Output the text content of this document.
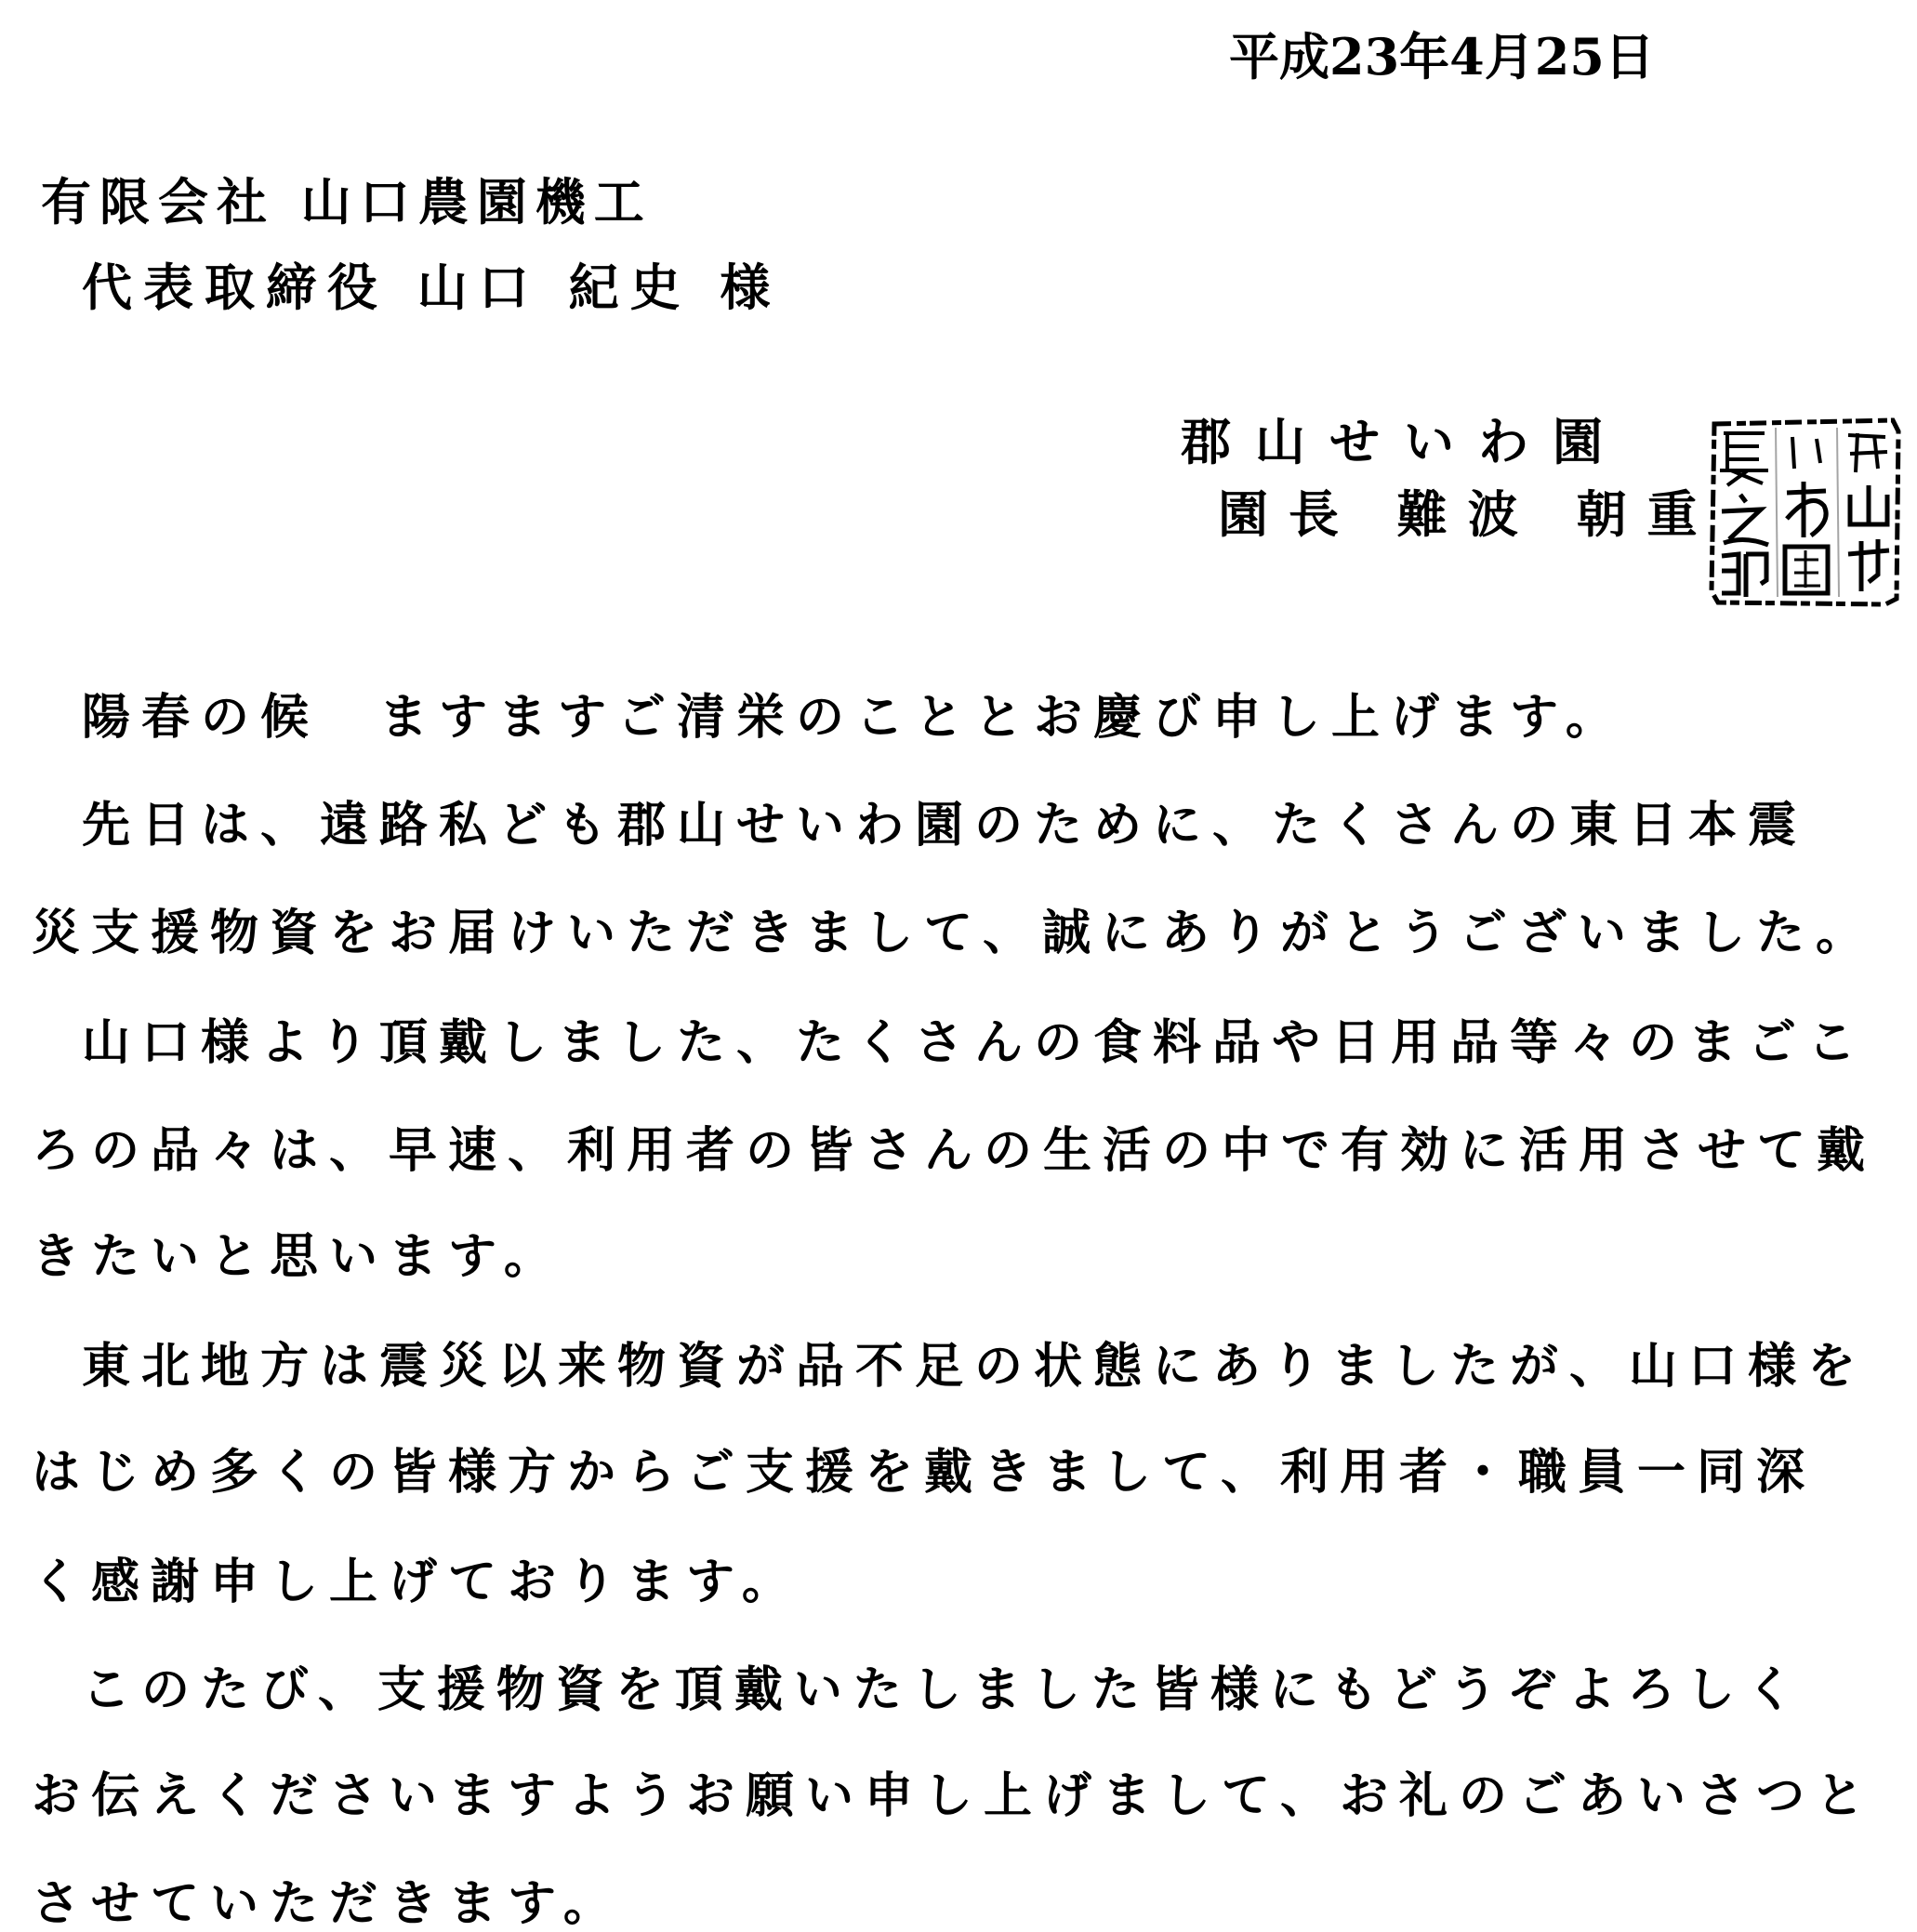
平成23年4月25日
有限会社 山口農園機工
代表取締役 山口 紀史 様
郡山せいわ園
園長 難波 朝重
陽春の候　ますますご清栄のこととお慶び申し上げます。
先日は、遠路私ども郡山せいわ園のために、たくさんの東日本震
災支援物資をお届けいただきまして、誠にありがとうございました。
山口様より頂戴しました、たくさんの食料品や日用品等々のまごこ
ろの品々は、早速、利用者の皆さんの生活の中で有効に活用させて戴
きたいと思います。
東北地方は震災以来物資が品不足の状態にありましたが、山口様を
はじめ多くの皆様方からご支援を戴きまして、利用者・職員一同深
く感謝申し上げております。
このたび、支援物資を頂戴いたしました皆様にもどうぞよろしく
お伝えくださいますようお願い申し上げまして、お礼のごあいさつと
させていただきます。
